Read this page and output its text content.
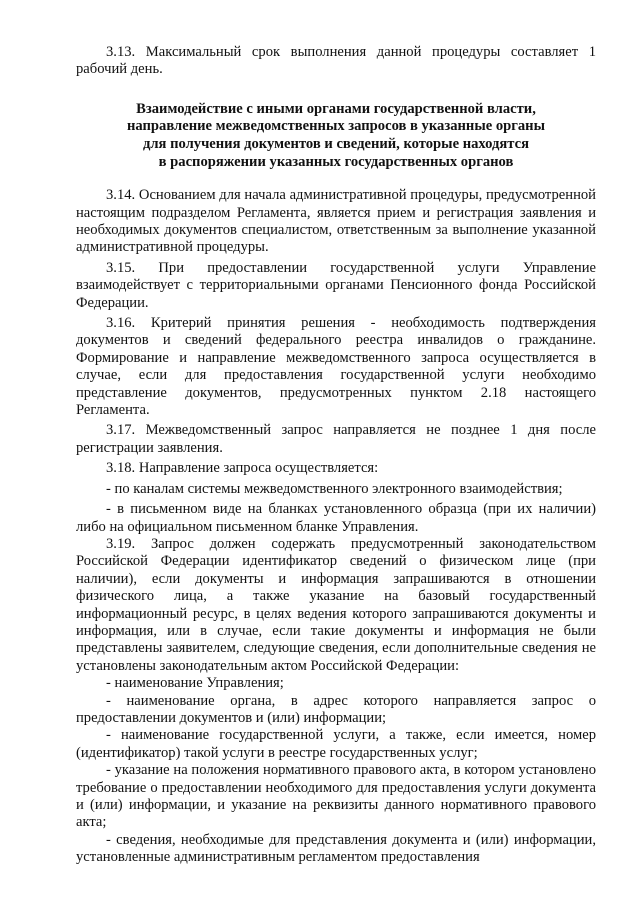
3.13. Максимальный срок выполнения данной процедуры составляет 1 рабочий день.

Взаимодействие с иными органами государственной власти,
направление межведомственных запросов в указанные органы
для получения документов и сведений, которые находятся
в распоряжении указанных государственных органов

3.14. Основанием для начала административной процедуры, предусмотренной настоящим подразделом Регламента, является прием и регистрация заявления и необходимых документов специалистом, ответственным за выполнение указанной административной процедуры.

3.15. При предоставлении государственной услуги Управление взаимодействует с территориальными органами Пенсионного фонда Российской Федерации.

3.16. Критерий принятия решения - необходимость подтверждения документов и сведений федерального реестра инвалидов о гражданине. Формирование и направление межведомственного запроса осуществляется в случае, если для предоставления государственной услуги необходимо представление документов, предусмотренных пунктом 2.18 настоящего Регламента.

3.17. Межведомственный запрос направляется не позднее 1 дня после регистрации заявления.

3.18. Направление запроса осуществляется:

- по каналам системы межведомственного электронного взаимодействия;

- в письменном виде на бланках установленного образца (при их наличии) либо на официальном письменном бланке Управления.

3.19. Запрос должен содержать предусмотренный законодательством Российской Федерации идентификатор сведений о физическом лице (при наличии), если документы и информация запрашиваются в отношении физического лица, а также указание на базовый государственный информационный ресурс, в целях ведения которого запрашиваются документы и информация, или в случае, если такие документы и информация не были представлены заявителем, следующие сведения, если дополнительные сведения не установлены законодательным актом Российской Федерации:

- наименование Управления;

- наименование органа, в адрес которого направляется запрос о предоставлении документов и (или) информации;

- наименование государственной услуги, а также, если имеется, номер (идентификатор) такой услуги в реестре государственных услуг;

- указание на положения нормативного правового акта, в котором установлено требование о предоставлении необходимого для предоставления услуги документа и (или) информации, и указание на реквизиты данного нормативного правового акта;

- сведения, необходимые для представления документа и (или) информации, установленные административным регламентом предоставления
